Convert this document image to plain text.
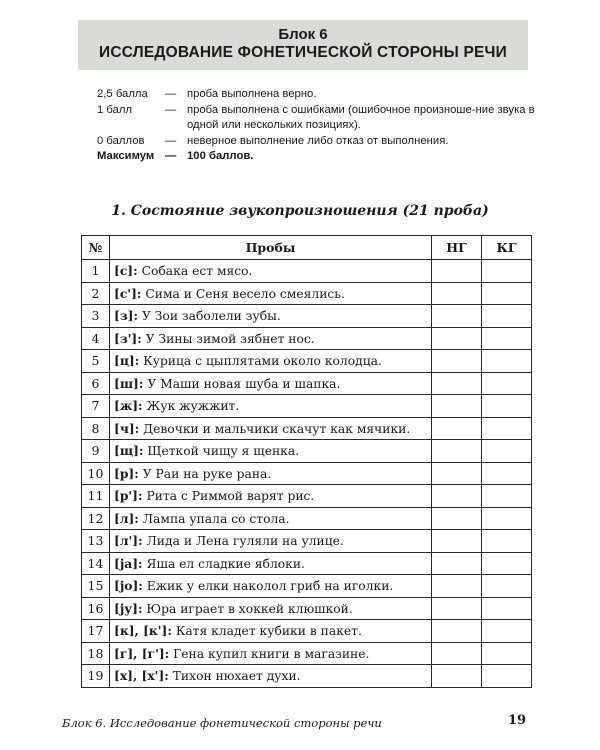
Блок 6
ИССЛЕДОВАНИЕ ФОНЕТИЧЕСКОЙ СТОРОНЫ РЕЧИ
2,5 балла	— проба выполнена верно.
1 балл	— проба выполнена с ошибками (ошибочное произноше-ние звука в одной или нескольких позициях).
0 баллов	— неверное выполнение либо отказ от выполнения.
Максимум — 100 баллов.
1. Состояние звукопроизношения (21 проба)
№	Пробы	НГ	КГ
1	[с]: Собака ест мясо.		
2	[с']: Сима и Сеня весело смеялись.		
3	[з]: У Зои заболели зубы.		
4	[з']: У Зины зимой зябнет нос.		
5	[ц]: Курица с цыплятами около колодца.		
6	[ш]: У Маши новая шуба и шапка.		
7	[ж]: Жук жужжит.		
8	[ч]: Девочки и мальчики скачут как мячики.		
9	[щ]: Щеткой чищу я щенка.		
10	[р]: У Раи на руке рана.		
11	[р']: Рита с Риммой варят рис.		
12	[л]: Лампа упала со стола.		
13	[л']: Лида и Лена гуляли на улице.		
14	[jа]: Яша ел сладкие яблоки.		
15	[jо]: Ежик у елки наколол гриб на иголки.		
16	[jу]: Юра играет в хоккей клюшкой.		
17	[к], [к']: Катя кладет кубики в пакет.		
18	[г], [г']: Гена купил книги в магазине.		
19	[х], [х']: Тихон нюхает духи.		
Блок 6. Исследование фонетической стороны речи	19
